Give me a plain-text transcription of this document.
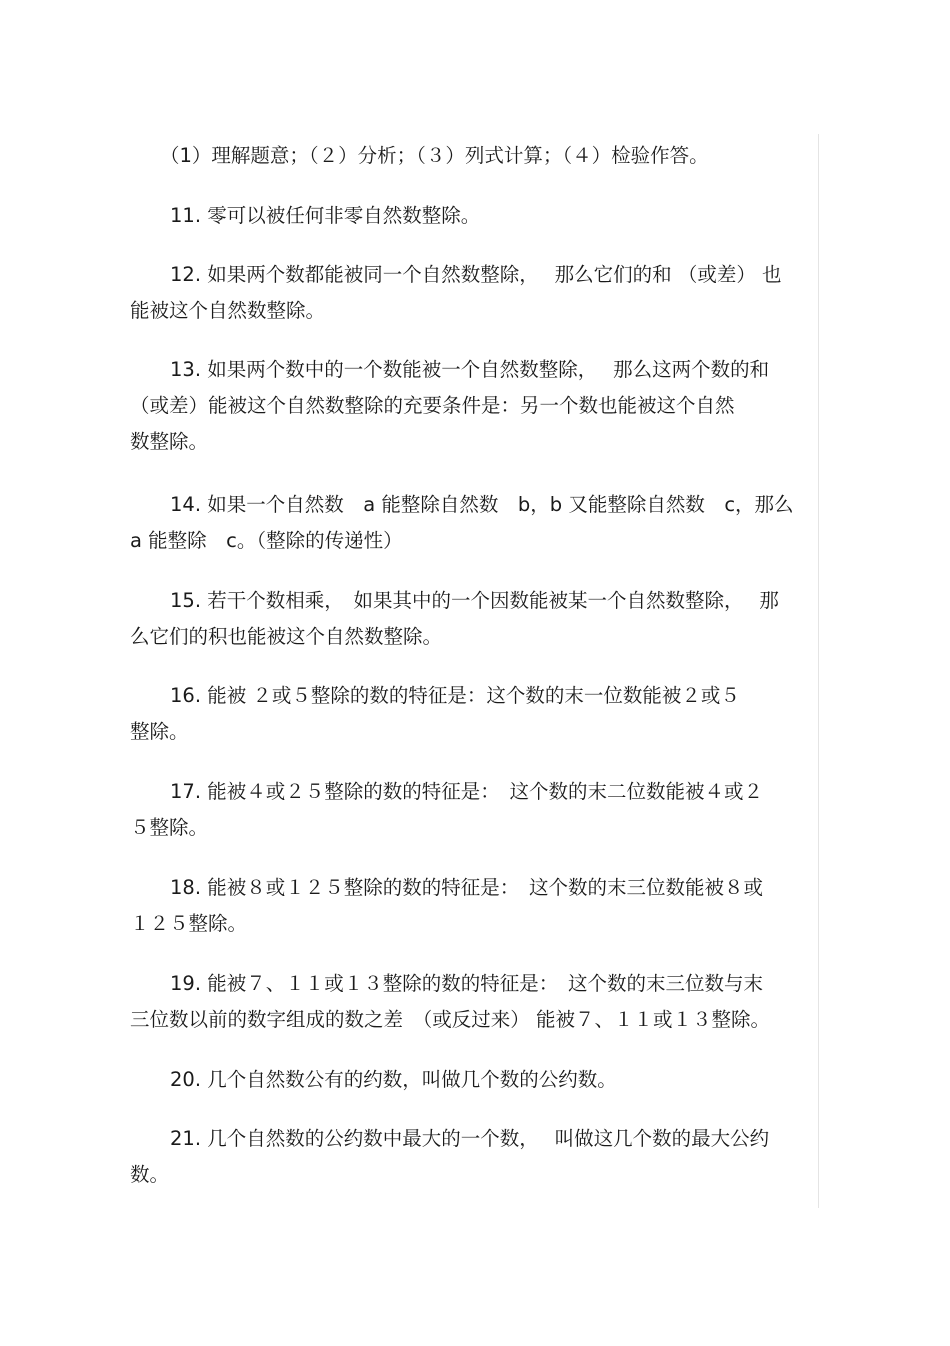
（1）理解题意；（２）分析；（３）列式计算；（４）检验作答。

11. 零可以被任何非零自然数整除。

12. 如果两个数都能被同一个自然数整除，　 那么它们的和 （或差） 也
能被这个自然数整除。

13. 如果两个数中的一个数能被一个自然数整除，　 那么这两个数的和
（或差）能被这个自然数整除的充要条件是：另一个数也能被这个自然
数整除。

14. 如果一个自然数　a 能整除自然数　b，b 又能整除自然数　c，那么
a 能整除　c。（整除的传递性）

15. 若干个数相乘，　如果其中的一个因数能被某一个自然数整除，　 那
么它们的积也能被这个自然数整除。

16. 能被 ２或５整除的数的特征是：这个数的末一位数能被２或５
整除。

17. 能被４或２５整除的数的特征是：　这个数的末二位数能被４或２
５整除。

18. 能被８或１２５整除的数的特征是：　这个数的末三位数能被８或
１２５整除。

19. 能被７、１１或１３整除的数的特征是：　这个数的末三位数与末
三位数以前的数字组成的数之差　（或反过来） 能被７、１１或１３整除。

20. 几个自然数公有的约数，叫做几个数的公约数。

21. 几个自然数的公约数中最大的一个数，　 叫做这几个数的最大公约
数。
